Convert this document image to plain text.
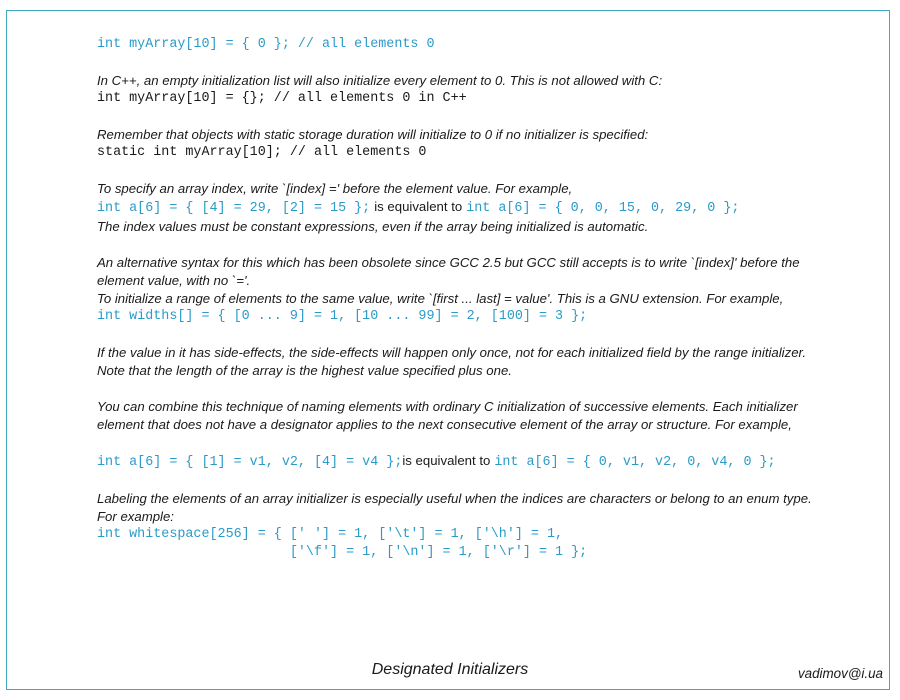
int myArray[10] = { 0 }; // all elements 0
In C++, an empty initialization list will also initialize every element to 0. This is not allowed with C:
int myArray[10] = {}; // all elements 0 in C++
Remember that objects with static storage duration will initialize to 0 if no initializer is specified:
static int myArray[10]; // all elements 0
To specify an array index, write `[index] =' before the element value. For example,
int a[6] = { [4] = 29, [2] = 15 }; is equivalent to int a[6] = { 0, 0, 15, 0, 29, 0 };
The index values must be constant expressions, even if the array being initialized is automatic.
An alternative syntax for this which has been obsolete since GCC 2.5 but GCC still accepts is to write `[index]' before the element value, with no `='.
To initialize a range of elements to the same value, write `[first ... last] = value'. This is a GNU extension. For example,
int widths[] = { [0 ... 9] = 1, [10 ... 99] = 2, [100] = 3 };
If the value in it has side-effects, the side-effects will happen only once, not for each initialized field by the range initializer.
Note that the length of the array is the highest value specified plus one.
You can combine this technique of naming elements with ordinary C initialization of successive elements. Each initializer element that does not have a designator applies to the next consecutive element of the array or structure. For example,
int a[6] = { [1] = v1, v2, [4] = v4 };is equivalent to int a[6] = { 0, v1, v2, 0, v4, 0 };
Labeling the elements of an array initializer is especially useful when the indices are characters or belong to an enum type. For example:
int whitespace[256] = { [' '] = 1, ['\t'] = 1, ['\h'] = 1,
['\f'] = 1, ['\n'] = 1, ['\r'] = 1 };
Designated Initializers	vadimov@i.ua
